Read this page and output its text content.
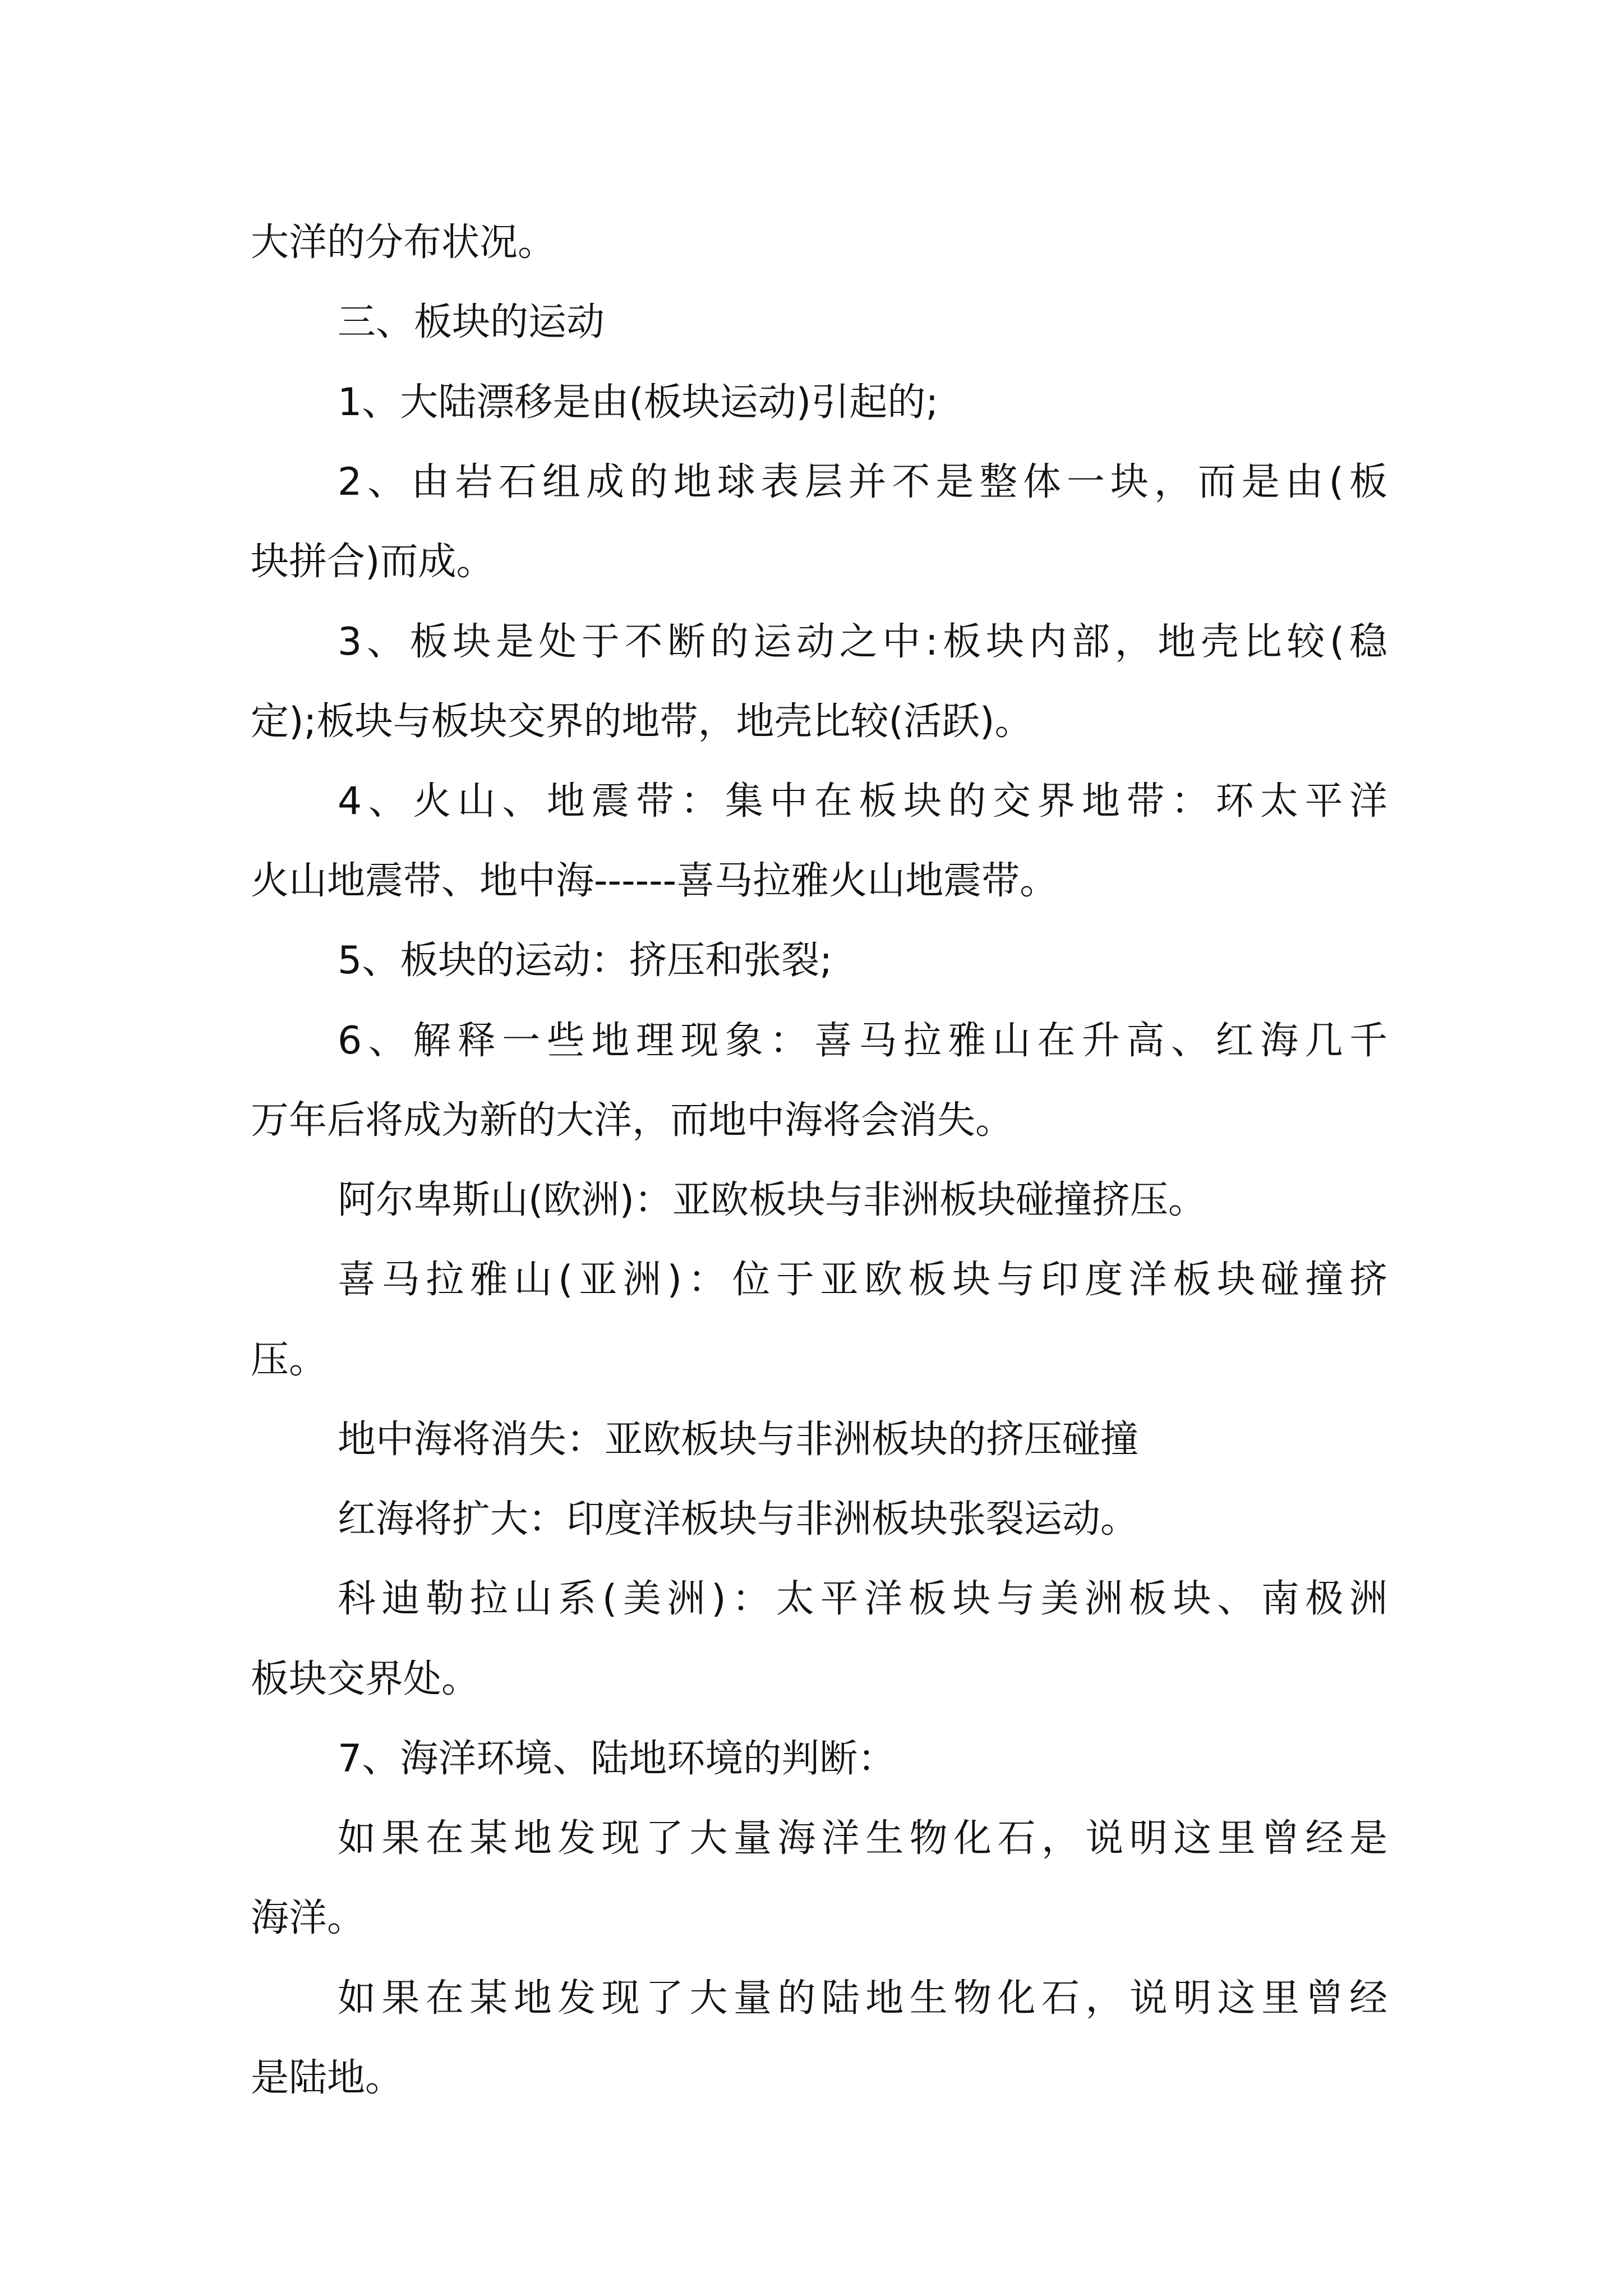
大洋的分布状况。
三、板块的运动
1、大陆漂移是由(板块运动)引起的;
2、由岩石组成的地球表层并不是整体一块，而是由(板
块拼合)而成。
3、板块是处于不断的运动之中:板块内部，地壳比较(稳
定);板块与板块交界的地带，地壳比较(活跃)。
4、火山、地震带：集中在板块的交界地带：环太平洋
火山地震带、地中海------喜马拉雅火山地震带。
5、板块的运动：挤压和张裂;
6、解释一些地理现象：喜马拉雅山在升高、红海几千
万年后将成为新的大洋，而地中海将会消失。
阿尔卑斯山(欧洲)：亚欧板块与非洲板块碰撞挤压。
喜马拉雅山(亚洲)：位于亚欧板块与印度洋板块碰撞挤
压。
地中海将消失：亚欧板块与非洲板块的挤压碰撞
红海将扩大：印度洋板块与非洲板块张裂运动。
科迪勒拉山系(美洲)：太平洋板块与美洲板块、南极洲
板块交界处。
7、海洋环境、陆地环境的判断：
如果在某地发现了大量海洋生物化石，说明这里曾经是
海洋。
如果在某地发现了大量的陆地生物化石，说明这里曾经
是陆地。
